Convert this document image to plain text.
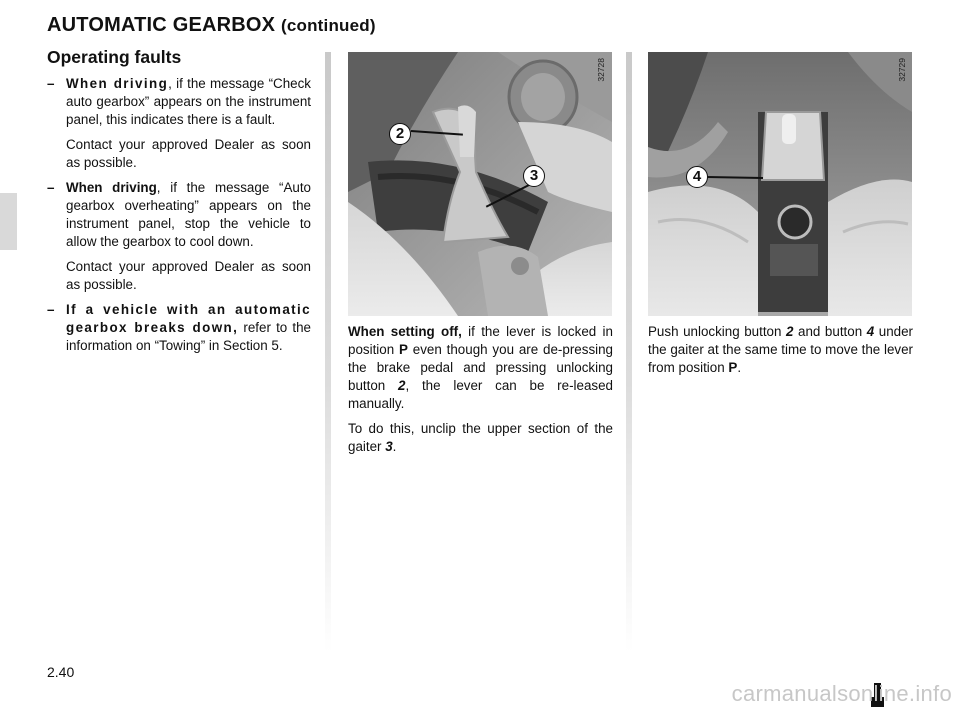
AUTOMATIC GEARBOX (continued)
Operating faults

– When driving, if the message “Check auto gearbox” appears on the instrument panel, this indicates there is a fault.

Contact your approved Dealer as soon as possible.

– When driving, if the message “Auto gearbox overheating” appears on the instrument panel, stop the vehicle to allow the gearbox to cool down.

Contact your approved Dealer as soon as possible.

– If a vehicle with an automatic gearbox breaks down, refer to the information on “Towing” in Section 5.

32728
2
3
32729
4

When setting off, if the lever is locked in position P even though you are de-pressing the brake pedal and pressing unlocking button 2, the lever can be re-leased manually.

To do this, unclip the upper section of the gaiter 3.

Push unlocking button 2 and button 4 under the gaiter at the same time to move the lever from position P.

2.40
carmanualsonline.info
